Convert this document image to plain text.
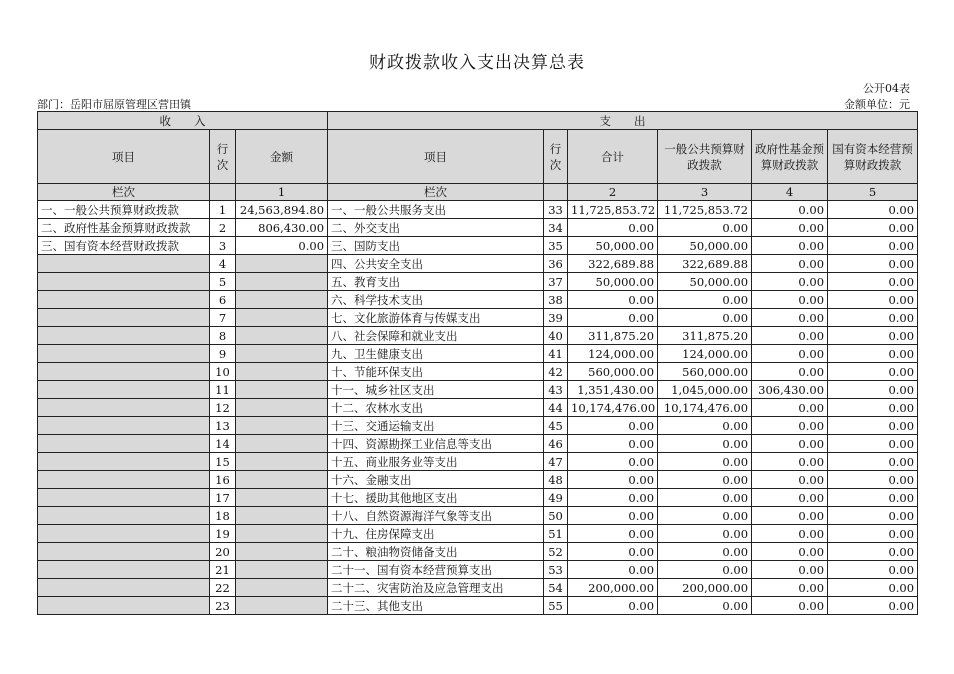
财政拨款收入支出决算总表
公开04表
部门：岳阳市屈原管理区营田镇	金额单位：元
收　　入			支　　出					
项目	行次	金额	项目	行次	合计	一般公共预算财政拨款	政府性基金预算财政拨款	国有资本经营预算财政拨款
栏次		1	栏次		2	3	4	5
一、一般公共预算财政拨款	1	24,563,894.80	一、一般公共服务支出	33	11,725,853.72	11,725,853.72	0.00	0.00
二、政府性基金预算财政拨款	2	806,430.00	二、外交支出	34	0.00	0.00	0.00	0.00
三、国有资本经营财政拨款	3	0.00	三、国防支出	35	50,000.00	50,000.00	0.00	0.00
	4		四、公共安全支出	36	322,689.88	322,689.88	0.00	0.00
	5		五、教育支出	37	50,000.00	50,000.00	0.00	0.00
	6		六、科学技术支出	38	0.00	0.00	0.00	0.00
	7		七、文化旅游体育与传媒支出	39	0.00	0.00	0.00	0.00
	8		八、社会保障和就业支出	40	311,875.20	311,875.20	0.00	0.00
	9		九、卫生健康支出	41	124,000.00	124,000.00	0.00	0.00
	10		十、节能环保支出	42	560,000.00	560,000.00	0.00	0.00
	11		十一、城乡社区支出	43	1,351,430.00	1,045,000.00	306,430.00	0.00
	12		十二、农林水支出	44	10,174,476.00	10,174,476.00	0.00	0.00
	13		十三、交通运输支出	45	0.00	0.00	0.00	0.00
	14		十四、资源勘探工业信息等支出	46	0.00	0.00	0.00	0.00
	15		十五、商业服务业等支出	47	0.00	0.00	0.00	0.00
	16		十六、金融支出	48	0.00	0.00	0.00	0.00
	17		十七、援助其他地区支出	49	0.00	0.00	0.00	0.00
	18		十八、自然资源海洋气象等支出	50	0.00	0.00	0.00	0.00
	19		十九、住房保障支出	51	0.00	0.00	0.00	0.00
	20		二十、粮油物资储备支出	52	0.00	0.00	0.00	0.00
	21		二十一、国有资本经营预算支出	53	0.00	0.00	0.00	0.00
	22		二十二、灾害防治及应急管理支出	54	200,000.00	200,000.00	0.00	0.00
	23		二十三、其他支出	55	0.00	0.00	0.00	0.00
